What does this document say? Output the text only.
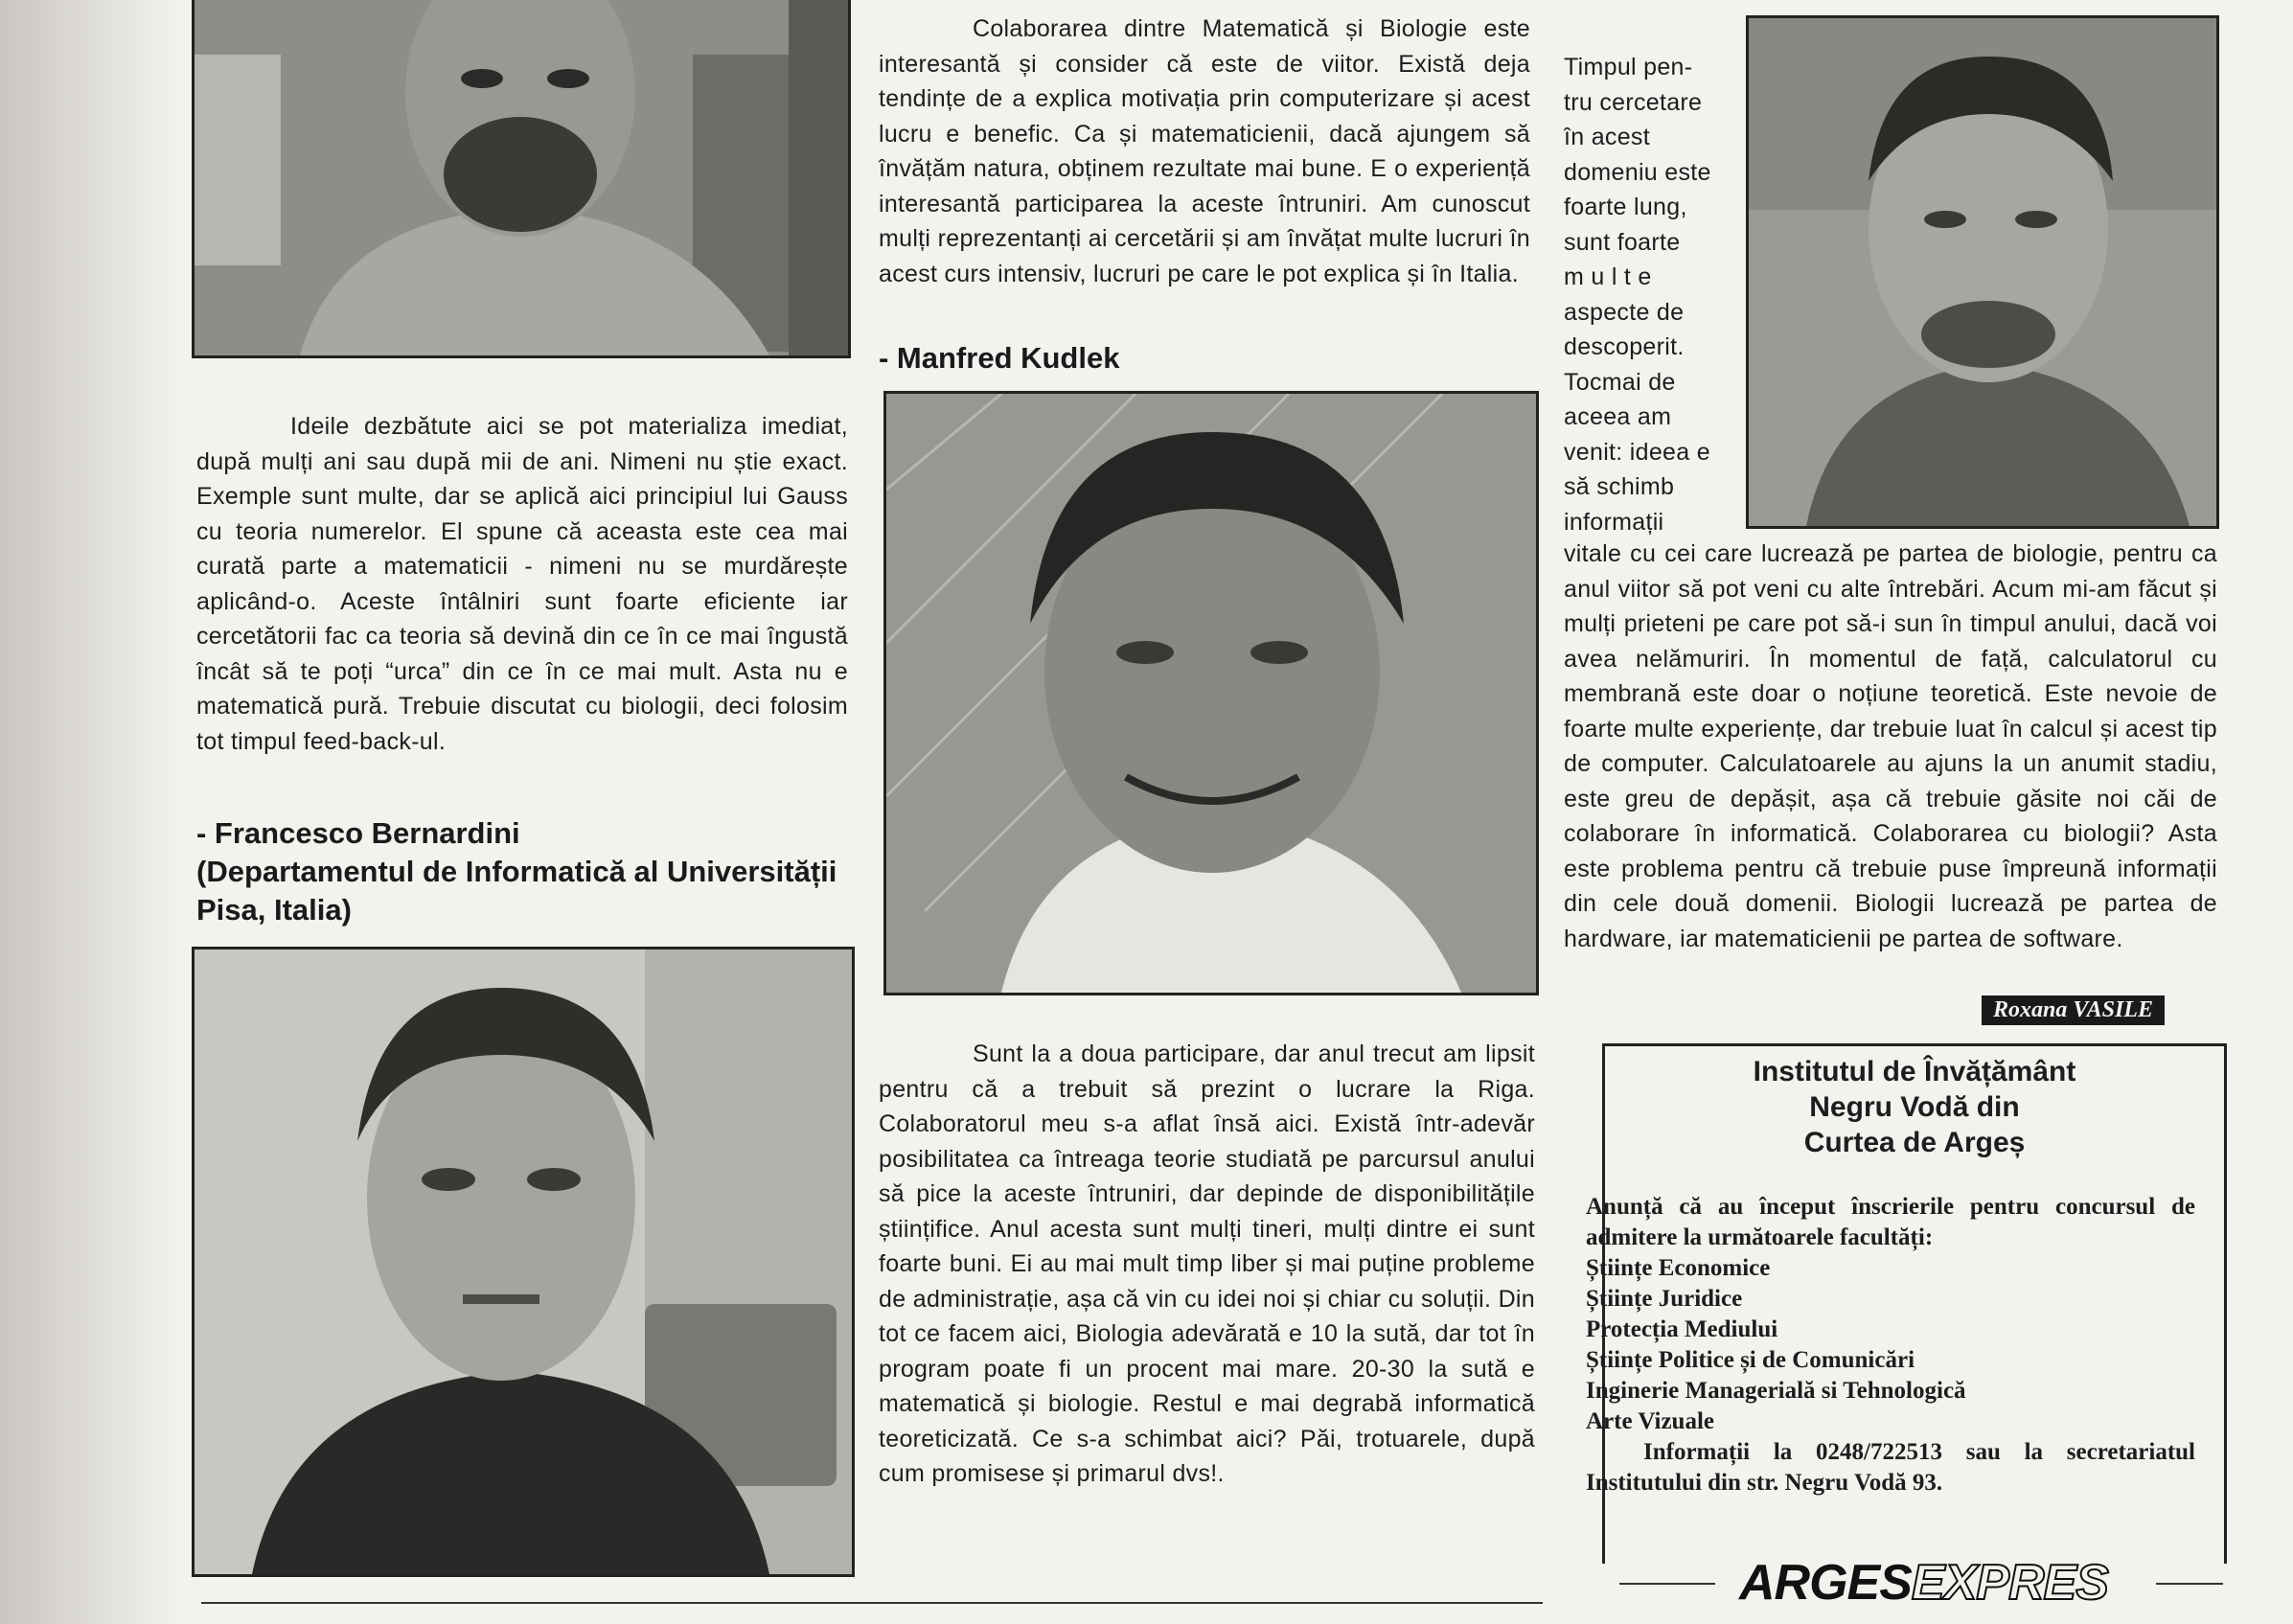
Ideile dezbătute aici se pot materializa imediat, după mulți ani sau după mii de ani. Nimeni nu știe exact. Exemple sunt multe, dar se aplică aici principiul lui Gauss cu teoria numerelor. El spune că aceasta este cea mai curată parte a matematicii - nimeni nu se murdărește aplicând-o. Aceste întâlniri sunt foarte eficiente iar cercetătorii fac ca teoria să devină din ce în ce mai îngustă încât să te poți “urca” din ce în ce mai mult. Asta nu e matematică pură. Trebuie discutat cu biologii, deci folosim tot timpul feed-back-ul.

- Francesco Bernardini
(Departamentul de Informatică al Universității Pisa, Italia)

Colaborarea dintre Matematică și Biologie este interesantă și consider că este de viitor. Există deja tendințe de a explica motivația prin computerizare și acest lucru e benefic. Ca și matematicienii, dacă ajungem să învățăm natura, obținem rezultate mai bune. E o experiență interesantă participarea la aceste întruniri. Am cunoscut mulți reprezentanți ai cercetării și am învățat multe lucruri în acest curs intensiv, lucruri pe care le pot explica și în Italia.

- Manfred Kudlek

Sunt la a doua participare, dar anul trecut am lipsit pentru că a trebuit să prezint o lucrare la Riga. Colaboratorul meu s-a aflat însă aici. Există într-adevăr posibilitatea ca întreaga teorie studiată pe parcursul anului să pice la aceste întruniri, dar depinde de disponibilitățile științifice. Anul acesta sunt mulți tineri, mulți dintre ei sunt foarte buni. Ei au mai mult timp liber și mai puține probleme de administrație, așa că vin cu idei noi și chiar cu soluții. Din tot ce facem aici, Biologia adevărată e 10 la sută, dar tot în program poate fi un procent mai mare. 20-30 la sută e matematică și biologie. Restul e mai degrabă informatică teoreticizată. Ce s-a schimbat aici? Păi, trotuarele, după cum promisese și primarul dvs!.

Timpul pen-
tru cercetare
în acest
domeniu este
foarte lung,
sunt foarte
m u l t e
aspecte de
descoperit.
Tocmai de
aceea am
venit: ideea e
să schimb
informații

vitale cu cei care lucrează pe partea de biologie, pentru ca anul viitor să pot veni cu alte întrebări. Acum mi-am făcut și mulți prieteni pe care pot să-i sun în timpul anului, dacă voi avea nelămuriri. În momentul de față, calculatorul cu membrană este doar o noțiune teoretică. Este nevoie de foarte multe experiențe, dar trebuie luat în calcul și acest tip de computer. Calculatoarele au ajuns la un anumit stadiu, este greu de depășit, așa că trebuie găsite noi căi de colaborare în informatică. Colaborarea cu biologii? Asta este problema pentru că trebuie puse împreună informații din cele două domenii. Biologii lucrează pe partea de hardware, iar matematicienii pe partea de software.

Roxana VASILE
Institutul de Învățământ
Negru Vodă din
Curtea de Argeș
Anunță că au început înscrierile pentru concursul de admitere la următoarele facultăți:
Științe Economice
Științe Juridice
Protecția Mediului
Științe Politice și de Comunicări
Inginerie Managerială si Tehnologică
Arte Vizuale
Informații la 0248/722513 sau la secretariatul Institutului din str. Negru Vodă 93.
ARGESEXPRES
